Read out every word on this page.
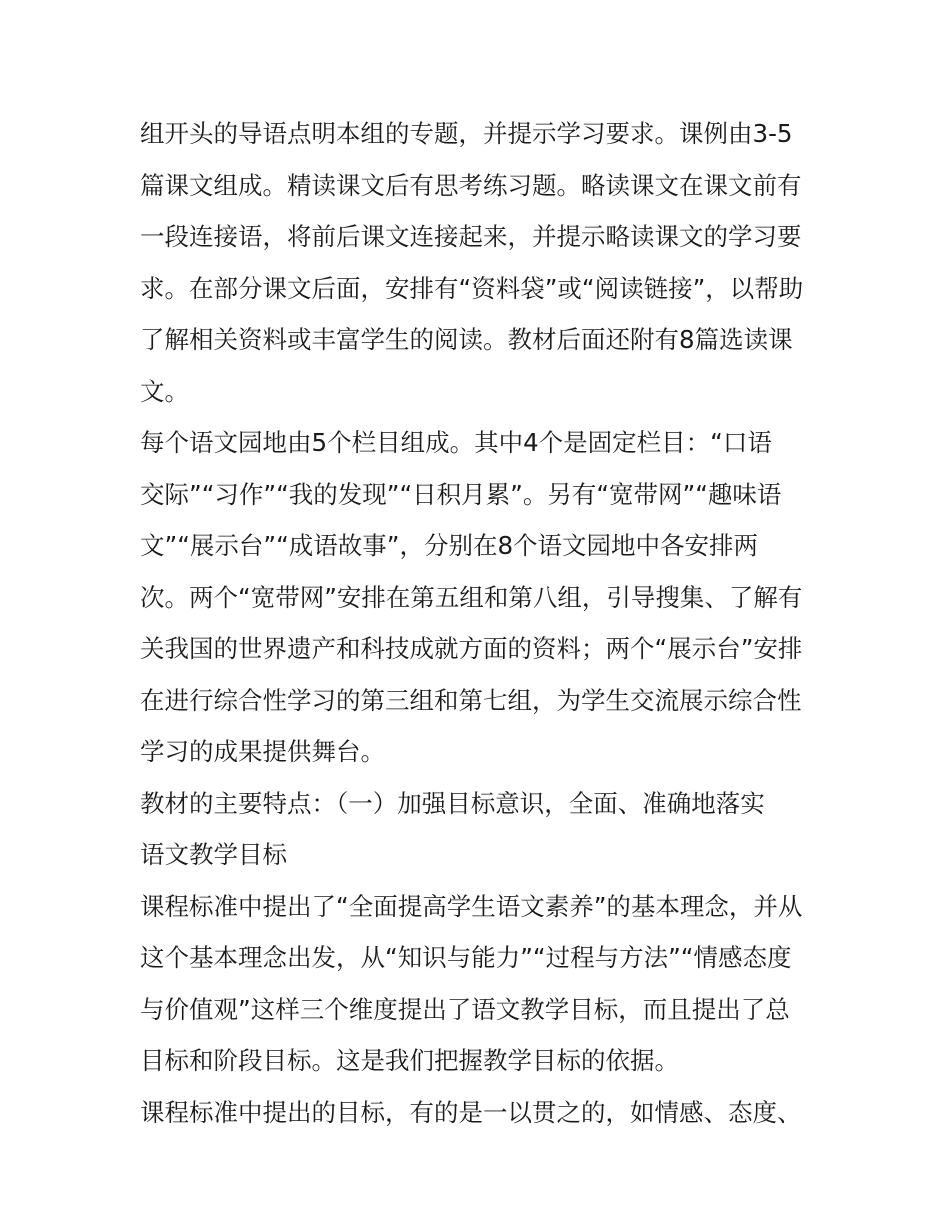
组开头的导语点明本组的专题，并提示学习要求。课例由3-5
篇课文组成。精读课文后有思考练习题。略读课文在课文前有
一段连接语，将前后课文连接起来，并提示略读课文的学习要
求。在部分课文后面，安排有“资料袋”或“阅读链接”，以帮助
了解相关资料或丰富学生的阅读。教材后面还附有8篇选读课
文。

每个语文园地由5个栏目组成。其中4个是固定栏目：“口语
交际”“习作”“我的发现”“日积月累”。另有“宽带网”“趣味语
文”“展示台”“成语故事”，分别在8个语文园地中各安排两
次。两个“宽带网”安排在第五组和第八组，引导搜集、了解有
关我国的世界遗产和科技成就方面的资料；两个“展示台”安排
在进行综合性学习的第三组和第七组，为学生交流展示综合性
学习的成果提供舞台。

教材的主要特点：（一）加强目标意识，全面、准确地落实
语文教学目标

课程标准中提出了“全面提高学生语文素养”的基本理念，并从
这个基本理念出发，从“知识与能力”“过程与方法”“情感态度
与价值观”这样三个维度提出了语文教学目标，而且提出了总
目标和阶段目标。这是我们把握教学目标的依据。

课程标准中提出的目标，有的是一以贯之的，如情感、态度、
